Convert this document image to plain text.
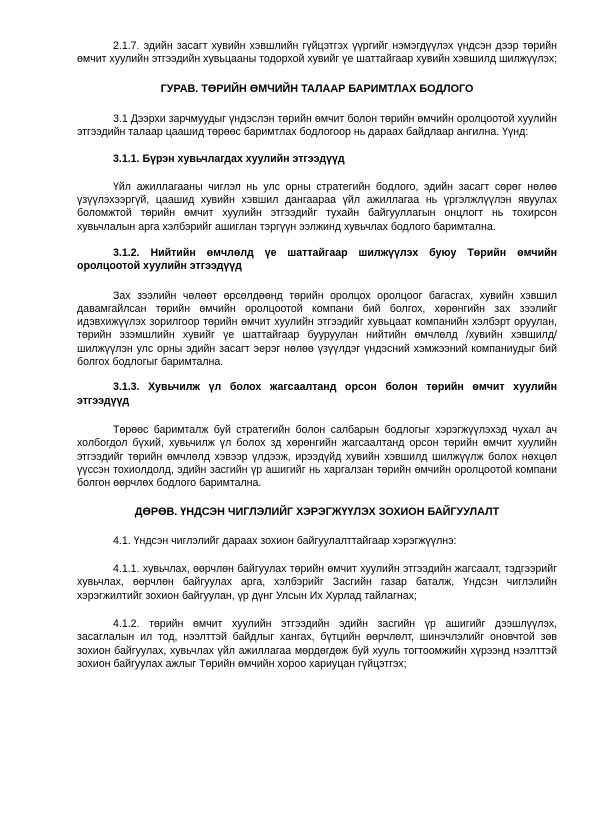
2.1.7. эдийн засагт хувийн хэвшлийн гүйцэтгэх үүргийг нэмэгдүүлэх үндсэн дээр төрийн өмчит хуулийн этгээдийн хувьцааны тодорхой хувийг үе шаттайгаар хувийн хэвшилд шилжүүлэх;

ГУРАВ. ТӨРИЙН ӨМЧИЙН ТАЛААР БАРИМТЛАХ БОДЛОГО

3.1 Дээрхи зарчмуудыг үндэслэн төрийн өмчит болон төрийн өмчийн оролцоотой хуулийн этгээдийн талаар цаашид төрөөс баримтлах бодлогоор нь дараах байдлаар ангилна. Үүнд:

3.1.1. Бүрэн хувьчлагдах хуулийн этгээдүүд

Үйл ажиллагааны чиглэл нь улс орны стратегийн бодлого, эдийн засагт сөрөг нөлөө үзүүлэхээргүй, цаашид хувийн хэвшил дангаараа үйл ажиллагаа нь үргэлжлүүлэн явуулах боломжтой төрийн өмчит хуулийн этгээдийг тухайн байгууллагын онцлогт нь тохирсон хувьчлалын арга хэлбэрийг ашиглан тэргүүн ээлжинд хувьчлах бодлого баримтална.

3.1.2. Нийтийн өмчлөлд үе шаттайгаар шилжүүлэх буюу Төрийн өмчийн оролцоотой хуулийн этгээдүүд

Зах зээлийн чөлөөт өрсөлдөөнд төрийн оролцох оролцоог багасгах, хувийн хэвшил давамгайлсан төрийн өмчийн оролцоотой компани бий болгох, хөрөнгийн зах зээлийг идэвхижүүлэх зорилгоор төрийн өмчит хуулийн этгээдийг хувьцаат компанийн хэлбэрт оруулан, төрийн эзэмшлийн хувийг үе шаттайгаар бууруулан нийтийн өмчлөлд /хувийн хэвшилд/ шилжүүлэн улс орны эдийн засагт эерэг нөлөө үзүүлдэг үндэсний хэмжээний компаниудыг бий болгох бодлогыг баримтална.

3.1.3. Хувьчилж үл болох жагсаалтанд орсон болон төрийн өмчит хуулийн этгээдүүд

Төрөөс баримталж буй стратегийн болон салбарын бодлогыг хэрэгжүүлэхэд чухал ач холбогдол бүхий, хувьчилж үл болох зд хөрөнгийн жагсаалтанд орсон төрийн өмчит хуулийн этгээдийг төрийн өмчлөлд хэвээр үлдээж, ирээдүйд хувийн хэвшилд шилжүүлж болох нөхцөл үүссэн тохиолдолд, эдийн засгийн үр ашигийг нь харгалзан төрийн өмчийн оролцоотой компани болгон өөрчлөх бодлого баримтална.

ДӨРӨВ. ҮНДСЭН ЧИГЛЭЛИЙГ ХЭРЭГЖҮҮЛЭХ ЗОХИОН БАЙГУУЛАЛТ

4.1. Үндсэн чиглэлийг дараах зохион байгуулалттайгаар хэрэгжүүлнэ:

4.1.1. хувьчлах, өөрчлөн байгуулах төрийн өмчит хуулийн этгээдийн жагсаалт, тэдгээрийг хувьчлах, өөрчлөн байгуулах арга, хэлбэрийг Засгийн газар баталж, Үндсэн чиглэлийн хэрэгжилтийг зохион байгуулан, үр дүнг Улсын Их Хурлад тайлагнах;

4.1.2. төрийн өмчит хуулийн этгээдийн эдийн засгийн үр ашигийг дээшлүүлэх, засаглалын ил тод, нээлттэй байдлыг хангах, бүтцийн өөрчлөлт, шинэчлэлийг оновчтой зөв зохион байгуулах, хувьчлах үйл ажиллагаа мөрдөгдөж буй хууль тогтоомжийн хүрээнд нээлттэй зохион байгуулах ажлыг Төрийн өмчийн хороо хариуцан гүйцэтгэх;
